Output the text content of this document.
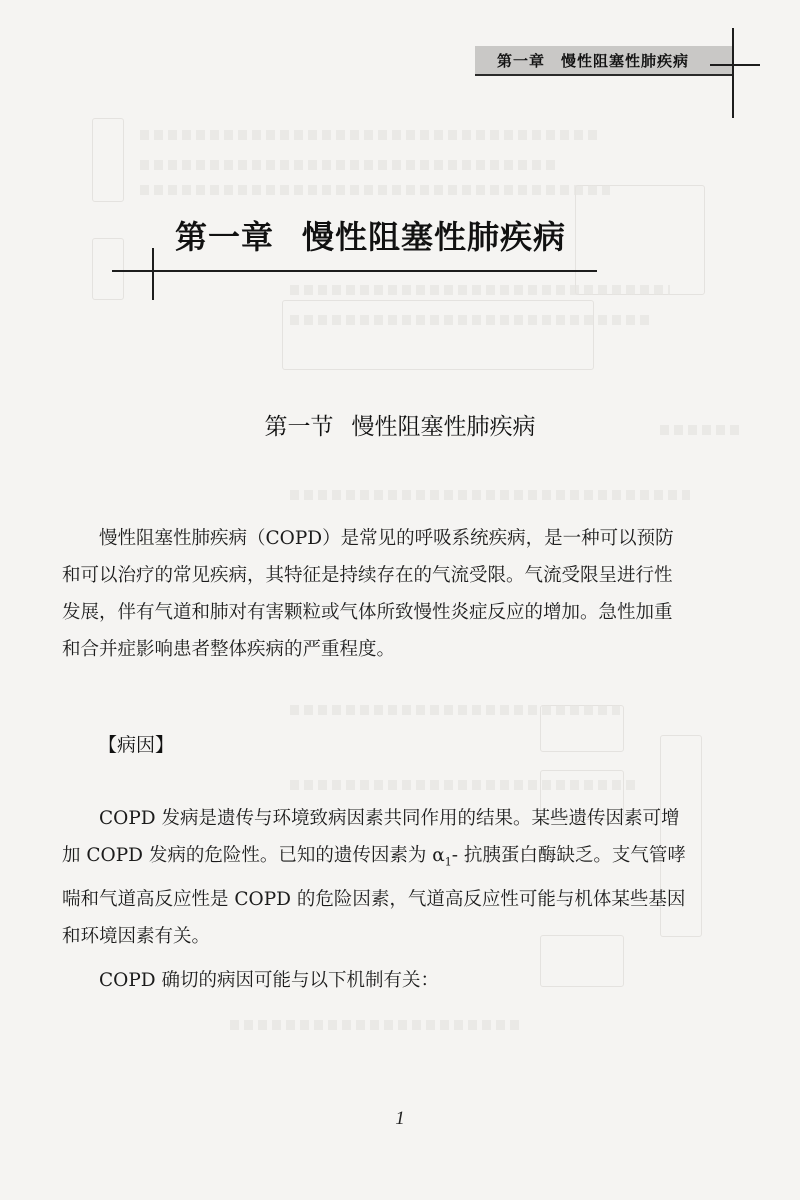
第一章　慢性阻塞性肺疾病
第一章 慢性阻塞性肺疾病
第一节 慢性阻塞性肺疾病
慢性阻塞性肺疾病（COPD）是常见的呼吸系统疾病，是一种可以预防
和可以治疗的常见疾病，其特征是持续存在的气流受限。气流受限呈进行性
发展，伴有气道和肺对有害颗粒或气体所致慢性炎症反应的增加。急性加重
和合并症影响患者整体疾病的严重程度。
【病因】
COPD 发病是遗传与环境致病因素共同作用的结果。某些遗传因素可增
加 COPD 发病的危险性。已知的遗传因素为 $\alpha_1-$ 抗胰蛋白酶缺乏。支气管哮
喘和气道高反应性是 COPD 的危险因素，气道高反应性可能与机体某些基因
和环境因素有关。
COPD 确切的病因可能与以下机制有关：
1
